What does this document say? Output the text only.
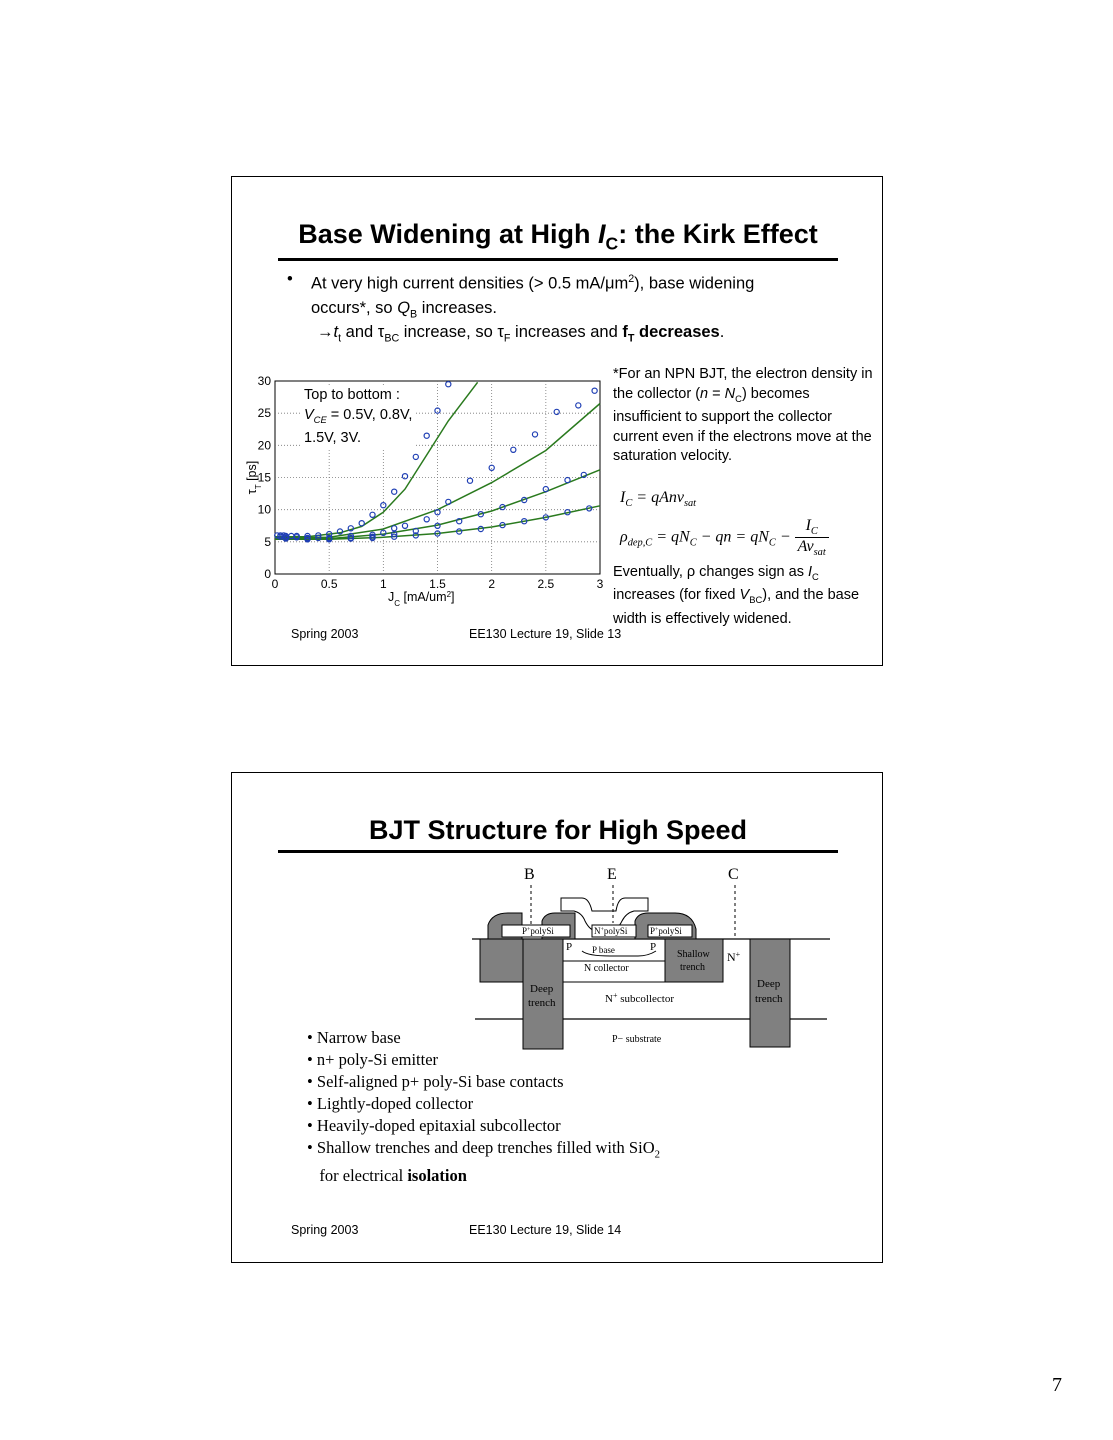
Base Widening at High $I_C$: the Kirk Effect
•	At very high current densities (> 0.5 $mA/\mu m^2$), base widening occurs*, so $Q_B$ increases.
$\to t_t$ and $\tau_{BC}$ increase, so $\tau_F$ increases and $f_T$ decreases.
0	0.5	1	1.5	2	2.5	3
0
5
10
15
20
25
30
$J_C$ $[mA/um^2]$
$\tau_T$ [ps]
Top to bottom :
$V_{CE} = 0.5V$, 0.8V,
1.5V, 3V.
*For an NPN BJT, the electron density in the collector $(n = N_C)$ becomes insufficient to support the collector current even if the electrons move at the saturation velocity.
$I_C$ = qAnv$_{sat}$
$\rho_{dep,C} = qN_C$ − qn = $qN_C - \frac{I_C}{Av_{sat}}$
Eventually, ρ changes sign as $I_C$ increases (for fixed $V_{BC}$), and the base width is effectively widened.
Spring 2003	EE130 Lecture 19, Slide 13
BJT Structure for High Speed
B	E	C
P+polySi	N+polySi	P+polySi
P	P
P base
N collector
Shallow
trench
N+
Deep
trench
Deep
trench
N+ subcollector
P− substrate
• Narrow base
• n+ poly-Si emitter
• Self-aligned p+ poly-Si base contacts
• Lightly-doped collector
• Heavily-doped epitaxial subcollector
• Shallow trenches and deep trenches filled with SiO$_2$
for electrical isolation
Spring 2003	EE130 Lecture 19, Slide 14
7
